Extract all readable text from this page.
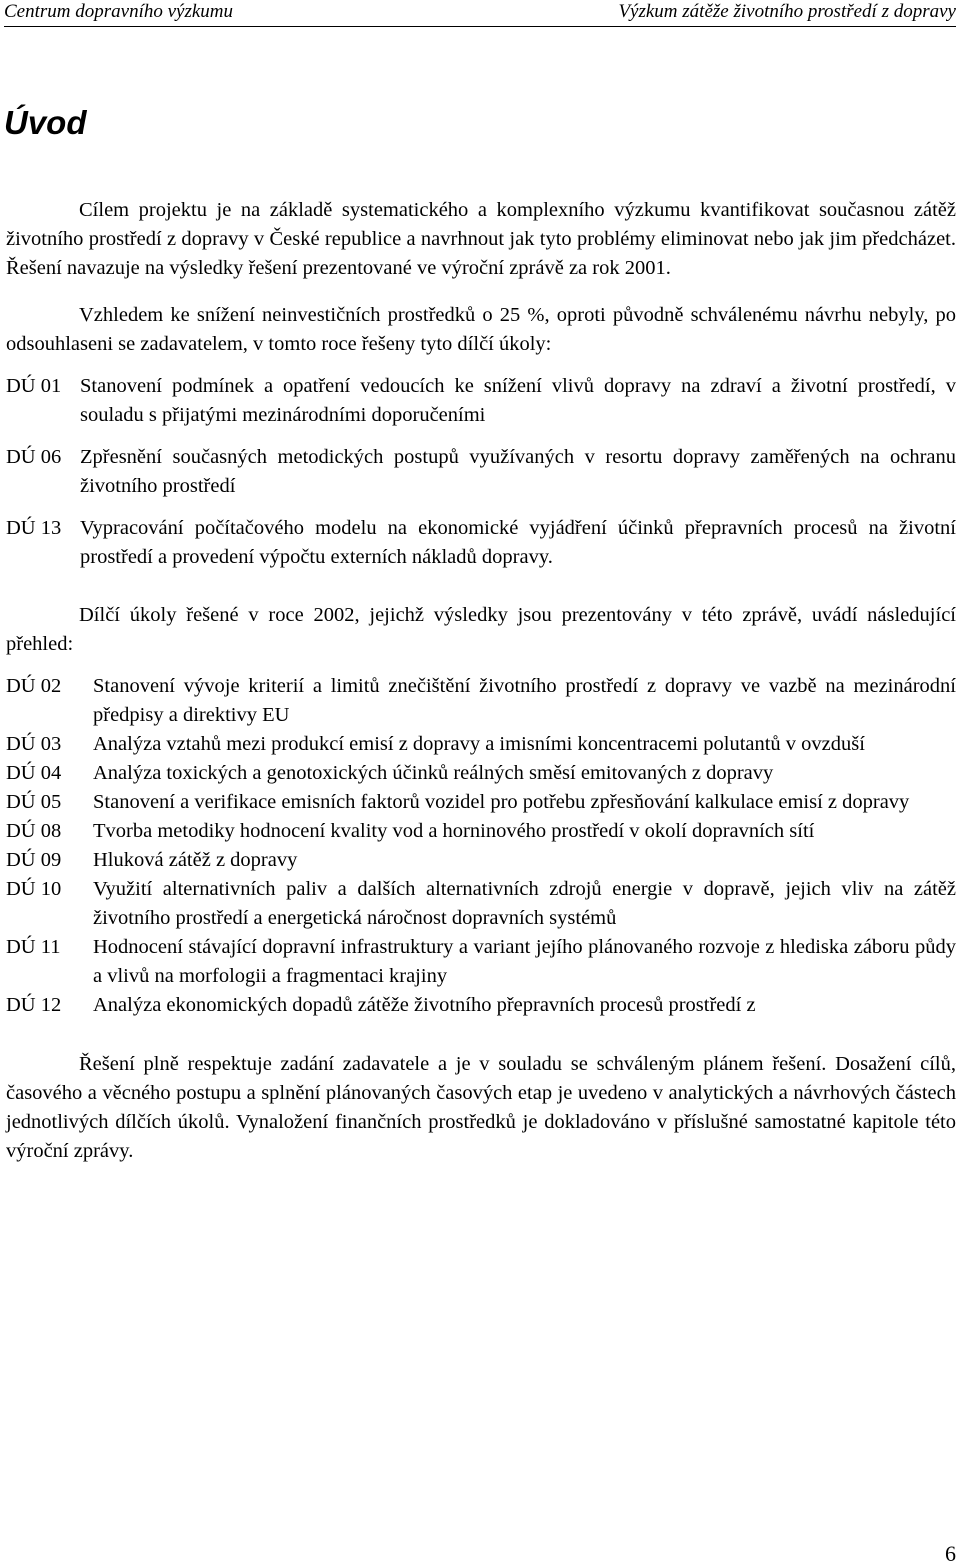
Centrum dopravního výzkumu	Výzkum zátěže životního prostředí z dopravy
Úvod

Cílem projektu je na základě systematického a komplexního výzkumu kvantifikovat současnou zátěž životního prostředí z dopravy v České republice a navrhnout jak tyto problémy eliminovat nebo jak jim předcházet. Řešení navazuje na výsledky řešení prezentované ve výroční zprávě za rok 2001.

Vzhledem ke snížení neinvestičních prostředků o 25 %, oproti původně schválenému návrhu nebyly, po odsouhlaseni se zadavatelem, v tomto roce řešeny tyto dílčí úkoly:

DÚ 01 Stanovení podmínek a opatření vedoucích ke snížení vlivů dopravy na zdraví a životní prostředí, v souladu s přijatými mezinárodními doporučeními
DÚ 06 Zpřesnění současných metodických postupů využívaných v resortu dopravy zaměřených na ochranu životního prostředí
DÚ 13 Vypracování počítačového modelu na ekonomické vyjádření účinků přepravních procesů na životní prostředí a provedení výpočtu externích nákladů dopravy.

Dílčí úkoly řešené v roce 2002, jejichž výsledky jsou prezentovány v této zprávě, uvádí následující přehled:

DÚ 02	Stanovení vývoje kriterií a limitů znečištění životního prostředí z dopravy ve vazbě na mezinárodní předpisy a direktivy EU
DÚ 03	Analýza vztahů mezi produkcí emisí z dopravy a imisními koncentracemi polutantů v ovzduší
DÚ 04	Analýza toxických a genotoxických účinků reálných směsí emitovaných z dopravy
DÚ 05	Stanovení a verifikace emisních faktorů vozidel pro potřebu zpřesňování kalkulace emisí z dopravy
DÚ 08	Tvorba metodiky hodnocení kvality vod a horninového prostředí v okolí dopravních sítí
DÚ 09	Hluková zátěž z dopravy
DÚ 10	Využití alternativních paliv a dalších alternativních zdrojů energie v dopravě, jejich vliv na zátěž životního prostředí a energetická náročnost dopravních systémů
DÚ 11	Hodnocení stávající dopravní infrastruktury a variant jejího plánovaného rozvoje z hlediska záboru půdy a vlivů na morfologii a fragmentaci krajiny
DÚ 12	Analýza ekonomických dopadů zátěže životního přepravních procesů prostředí z

Řešení plně respektuje zadání zadavatele a je v souladu se schváleným plánem řešení. Dosažení cílů, časového a věcného postupu a splnění plánovaných časových etap je uvedeno v analytických a návrhových částech jednotlivých dílčích úkolů. Vynaložení finančních prostředků je dokladováno v příslušné samostatné kapitole této výroční zprávy.

6
